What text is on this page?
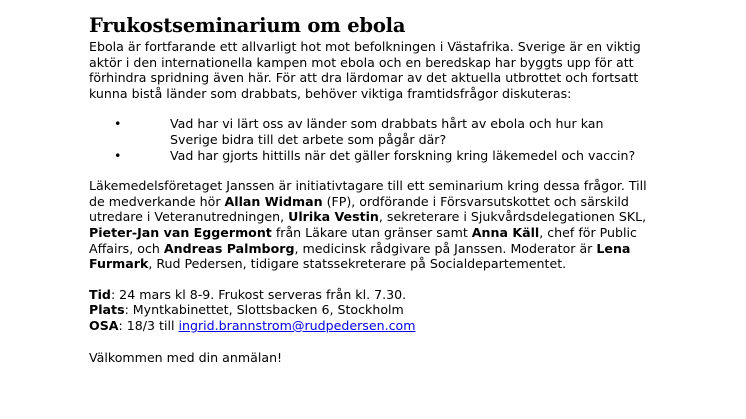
Frukostseminarium om ebola

Ebola är fortfarande ett allvarligt hot mot befolkningen i Västafrika. Sverige är en viktig aktör i den internationella kampen mot ebola och en beredskap har byggts upp för att förhindra spridning även här. För att dra lärdomar av det aktuella utbrottet och fortsatt kunna bistå länder som drabbats, behöver viktiga framtidsfrågor diskuteras:

•	Vad har vi lärt oss av länder som drabbats hårt av ebola och hur kan Sverige bidra till det arbete som pågår där?
•	Vad har gjorts hittills när det gäller forskning kring läkemedel och vaccin?

Läkemedelsföretaget Janssen är initiativtagare till ett seminarium kring dessa frågor. Till de medverkande hör Allan Widman (FP), ordförande i Försvarsutskottet och särskild utredare i Veteranutredningen, Ulrika Vestin, sekreterare i Sjukvårdsdelegationen SKL, Pieter-Jan van Eggermont från Läkare utan gränser samt Anna Käll, chef för Public Affairs, och Andreas Palmborg, medicinsk rådgivare på Janssen. Moderator är Lena Furmark, Rud Pedersen, tidigare statssekreterare på Socialdepartementet.

Tid: 24 mars kl 8-9. Frukost serveras från kl. 7.30.
Plats: Myntkabinettet, Slottsbacken 6, Stockholm
OSA: 18/3 till ingrid.brannstrom@rudpedersen.com

Välkommen med din anmälan!
